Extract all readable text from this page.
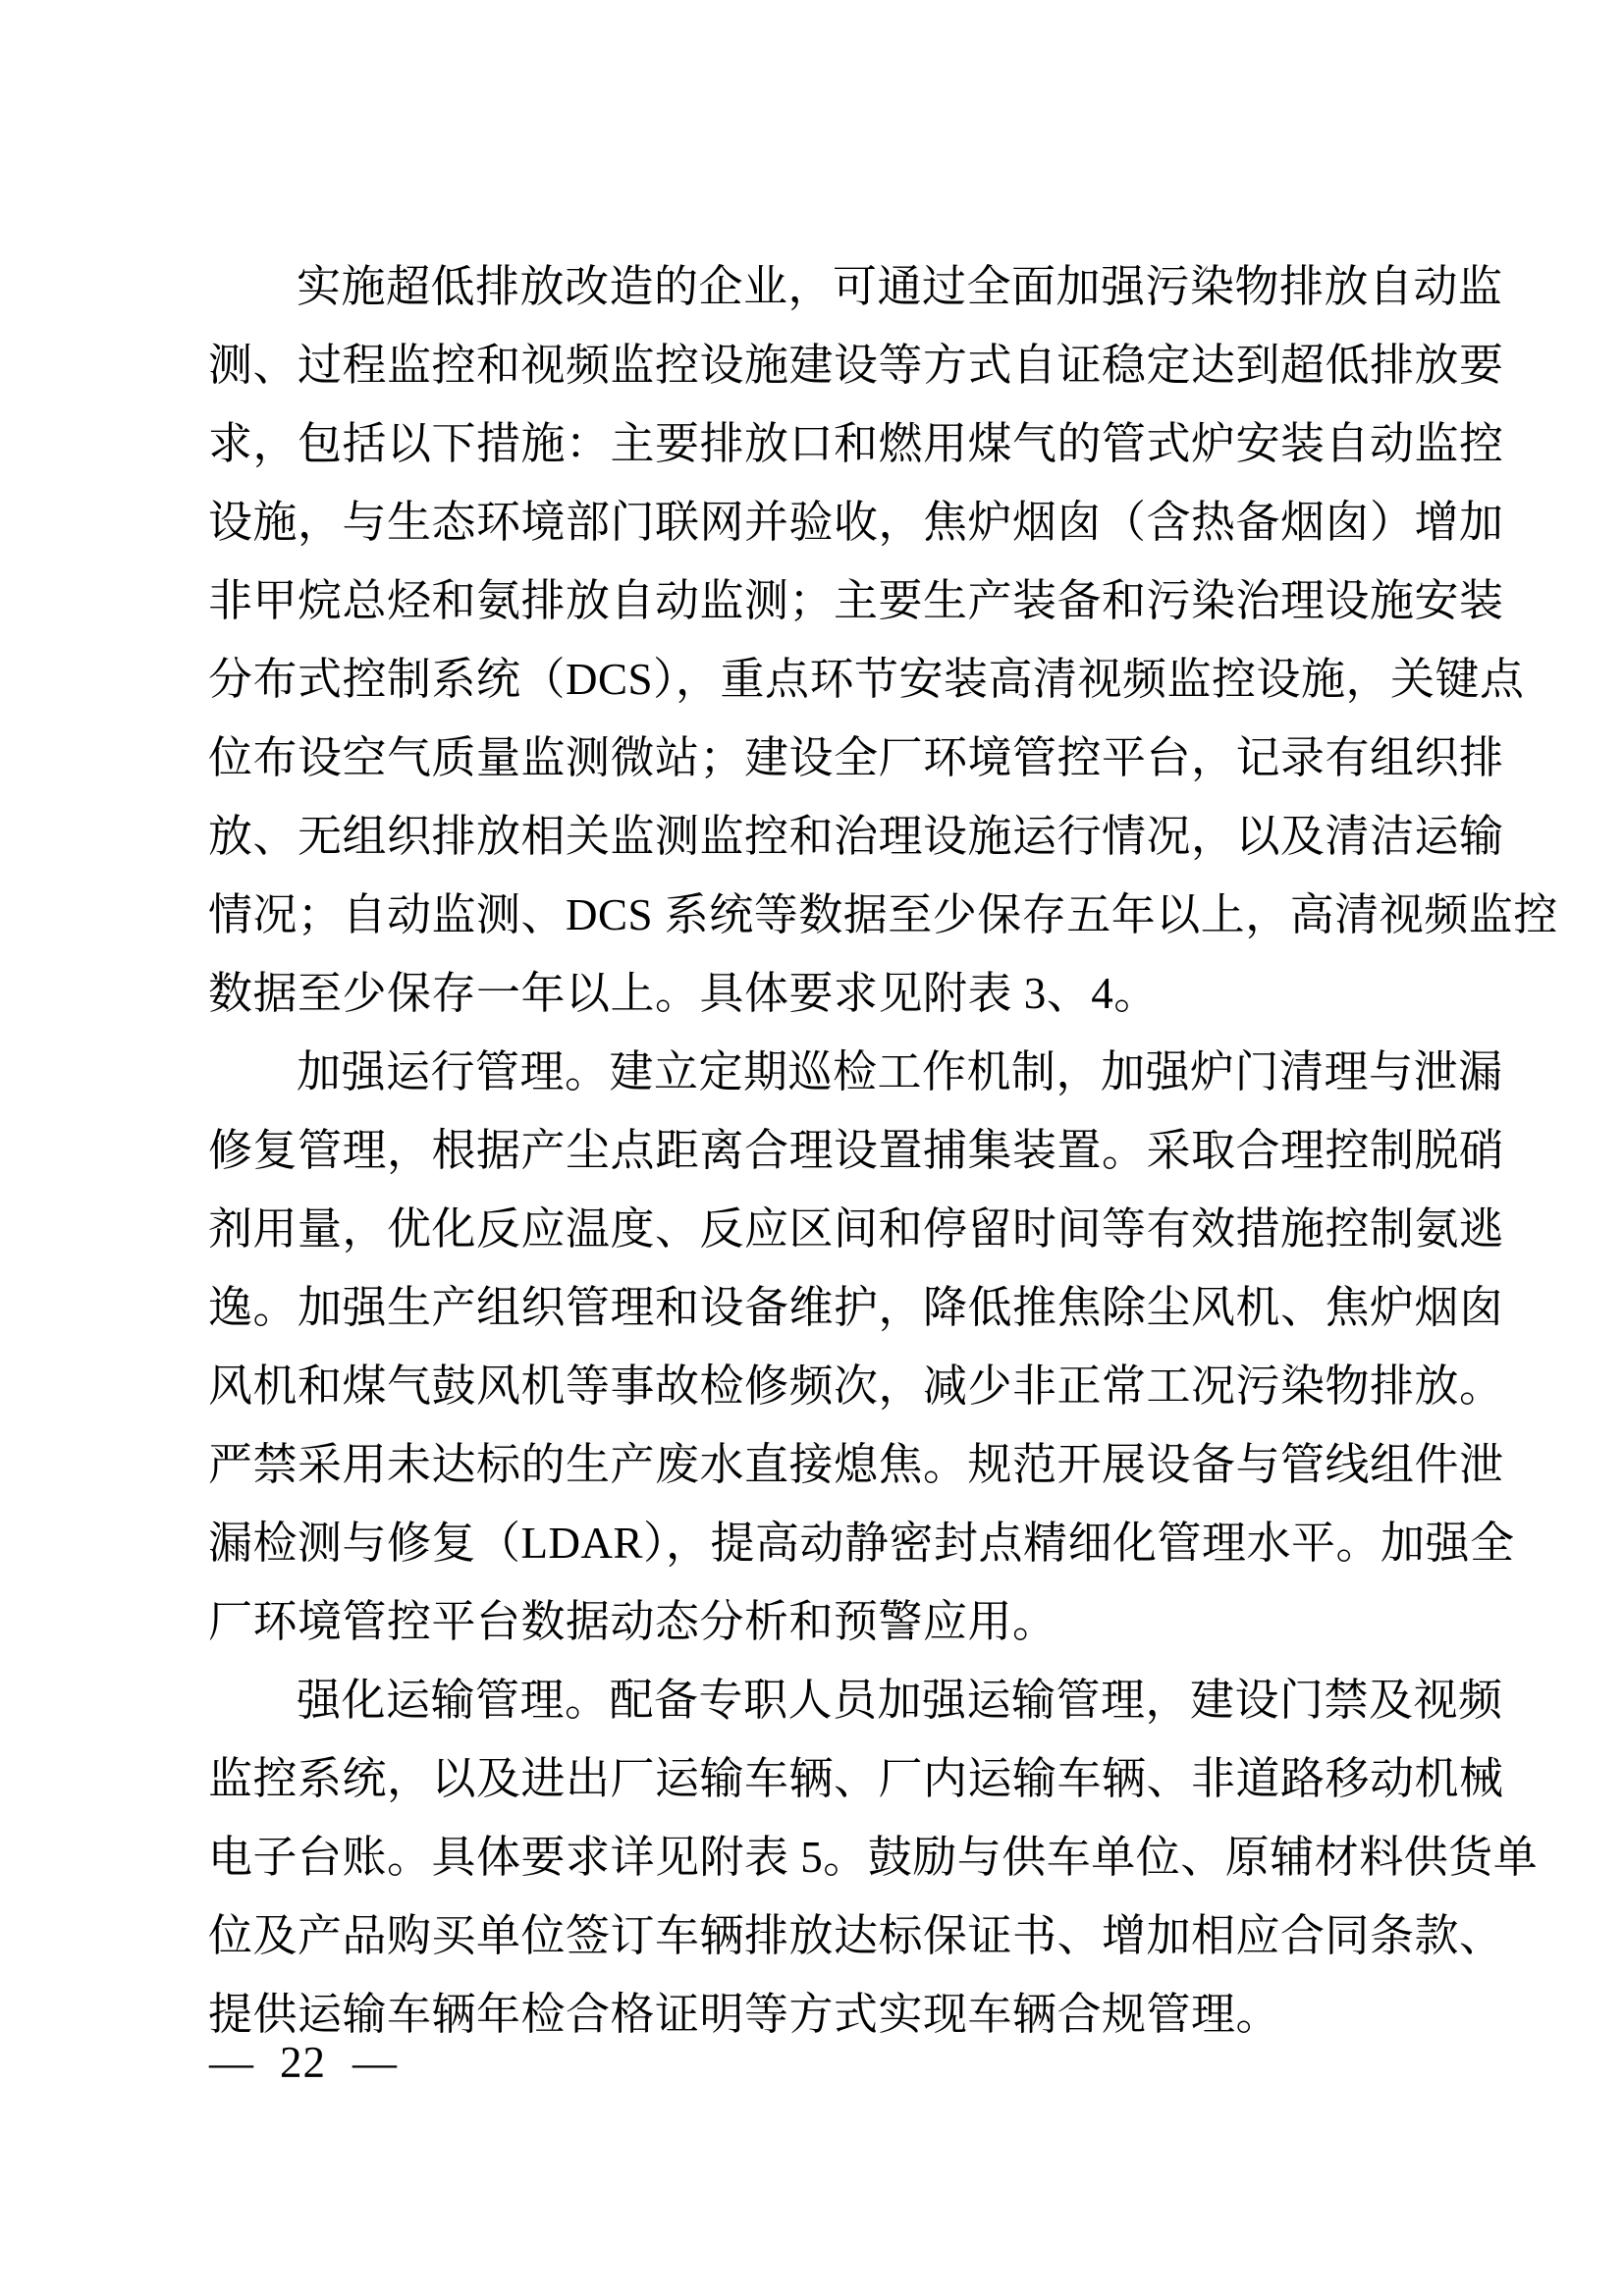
实施超低排放改造的企业，可通过全面加强污染物排放自动监
测、过程监控和视频监控设施建设等方式自证稳定达到超低排放要
求，包括以下措施：主要排放口和燃用煤气的管式炉安装自动监控
设施，与生态环境部门联网并验收，焦炉烟囱（含热备烟囱）增加
非甲烷总烃和氨排放自动监测；主要生产装备和污染治理设施安装
分布式控制系统（DCS），重点环节安装高清视频监控设施，关键点
位布设空气质量监测微站；建设全厂环境管控平台，记录有组织排
放、无组织排放相关监测监控和治理设施运行情况，以及清洁运输
情况；自动监测、DCS 系统等数据至少保存五年以上，高清视频监控
数据至少保存一年以上。具体要求见附表 3、4。
加强运行管理。建立定期巡检工作机制，加强炉门清理与泄漏
修复管理，根据产尘点距离合理设置捕集装置。采取合理控制脱硝
剂用量，优化反应温度、反应区间和停留时间等有效措施控制氨逃
逸。加强生产组织管理和设备维护，降低推焦除尘风机、焦炉烟囱
风机和煤气鼓风机等事故检修频次，减少非正常工况污染物排放。
严禁采用未达标的生产废水直接熄焦。规范开展设备与管线组件泄
漏检测与修复（LDAR），提高动静密封点精细化管理水平。加强全
厂环境管控平台数据动态分析和预警应用。
强化运输管理。配备专职人员加强运输管理，建设门禁及视频
监控系统，以及进出厂运输车辆、厂内运输车辆、非道路移动机械
电子台账。具体要求详见附表 5。鼓励与供车单位、原辅材料供货单
位及产品购买单位签订车辆排放达标保证书、增加相应合同条款、
提供运输车辆年检合格证明等方式实现车辆合规管理。
— 22 —
